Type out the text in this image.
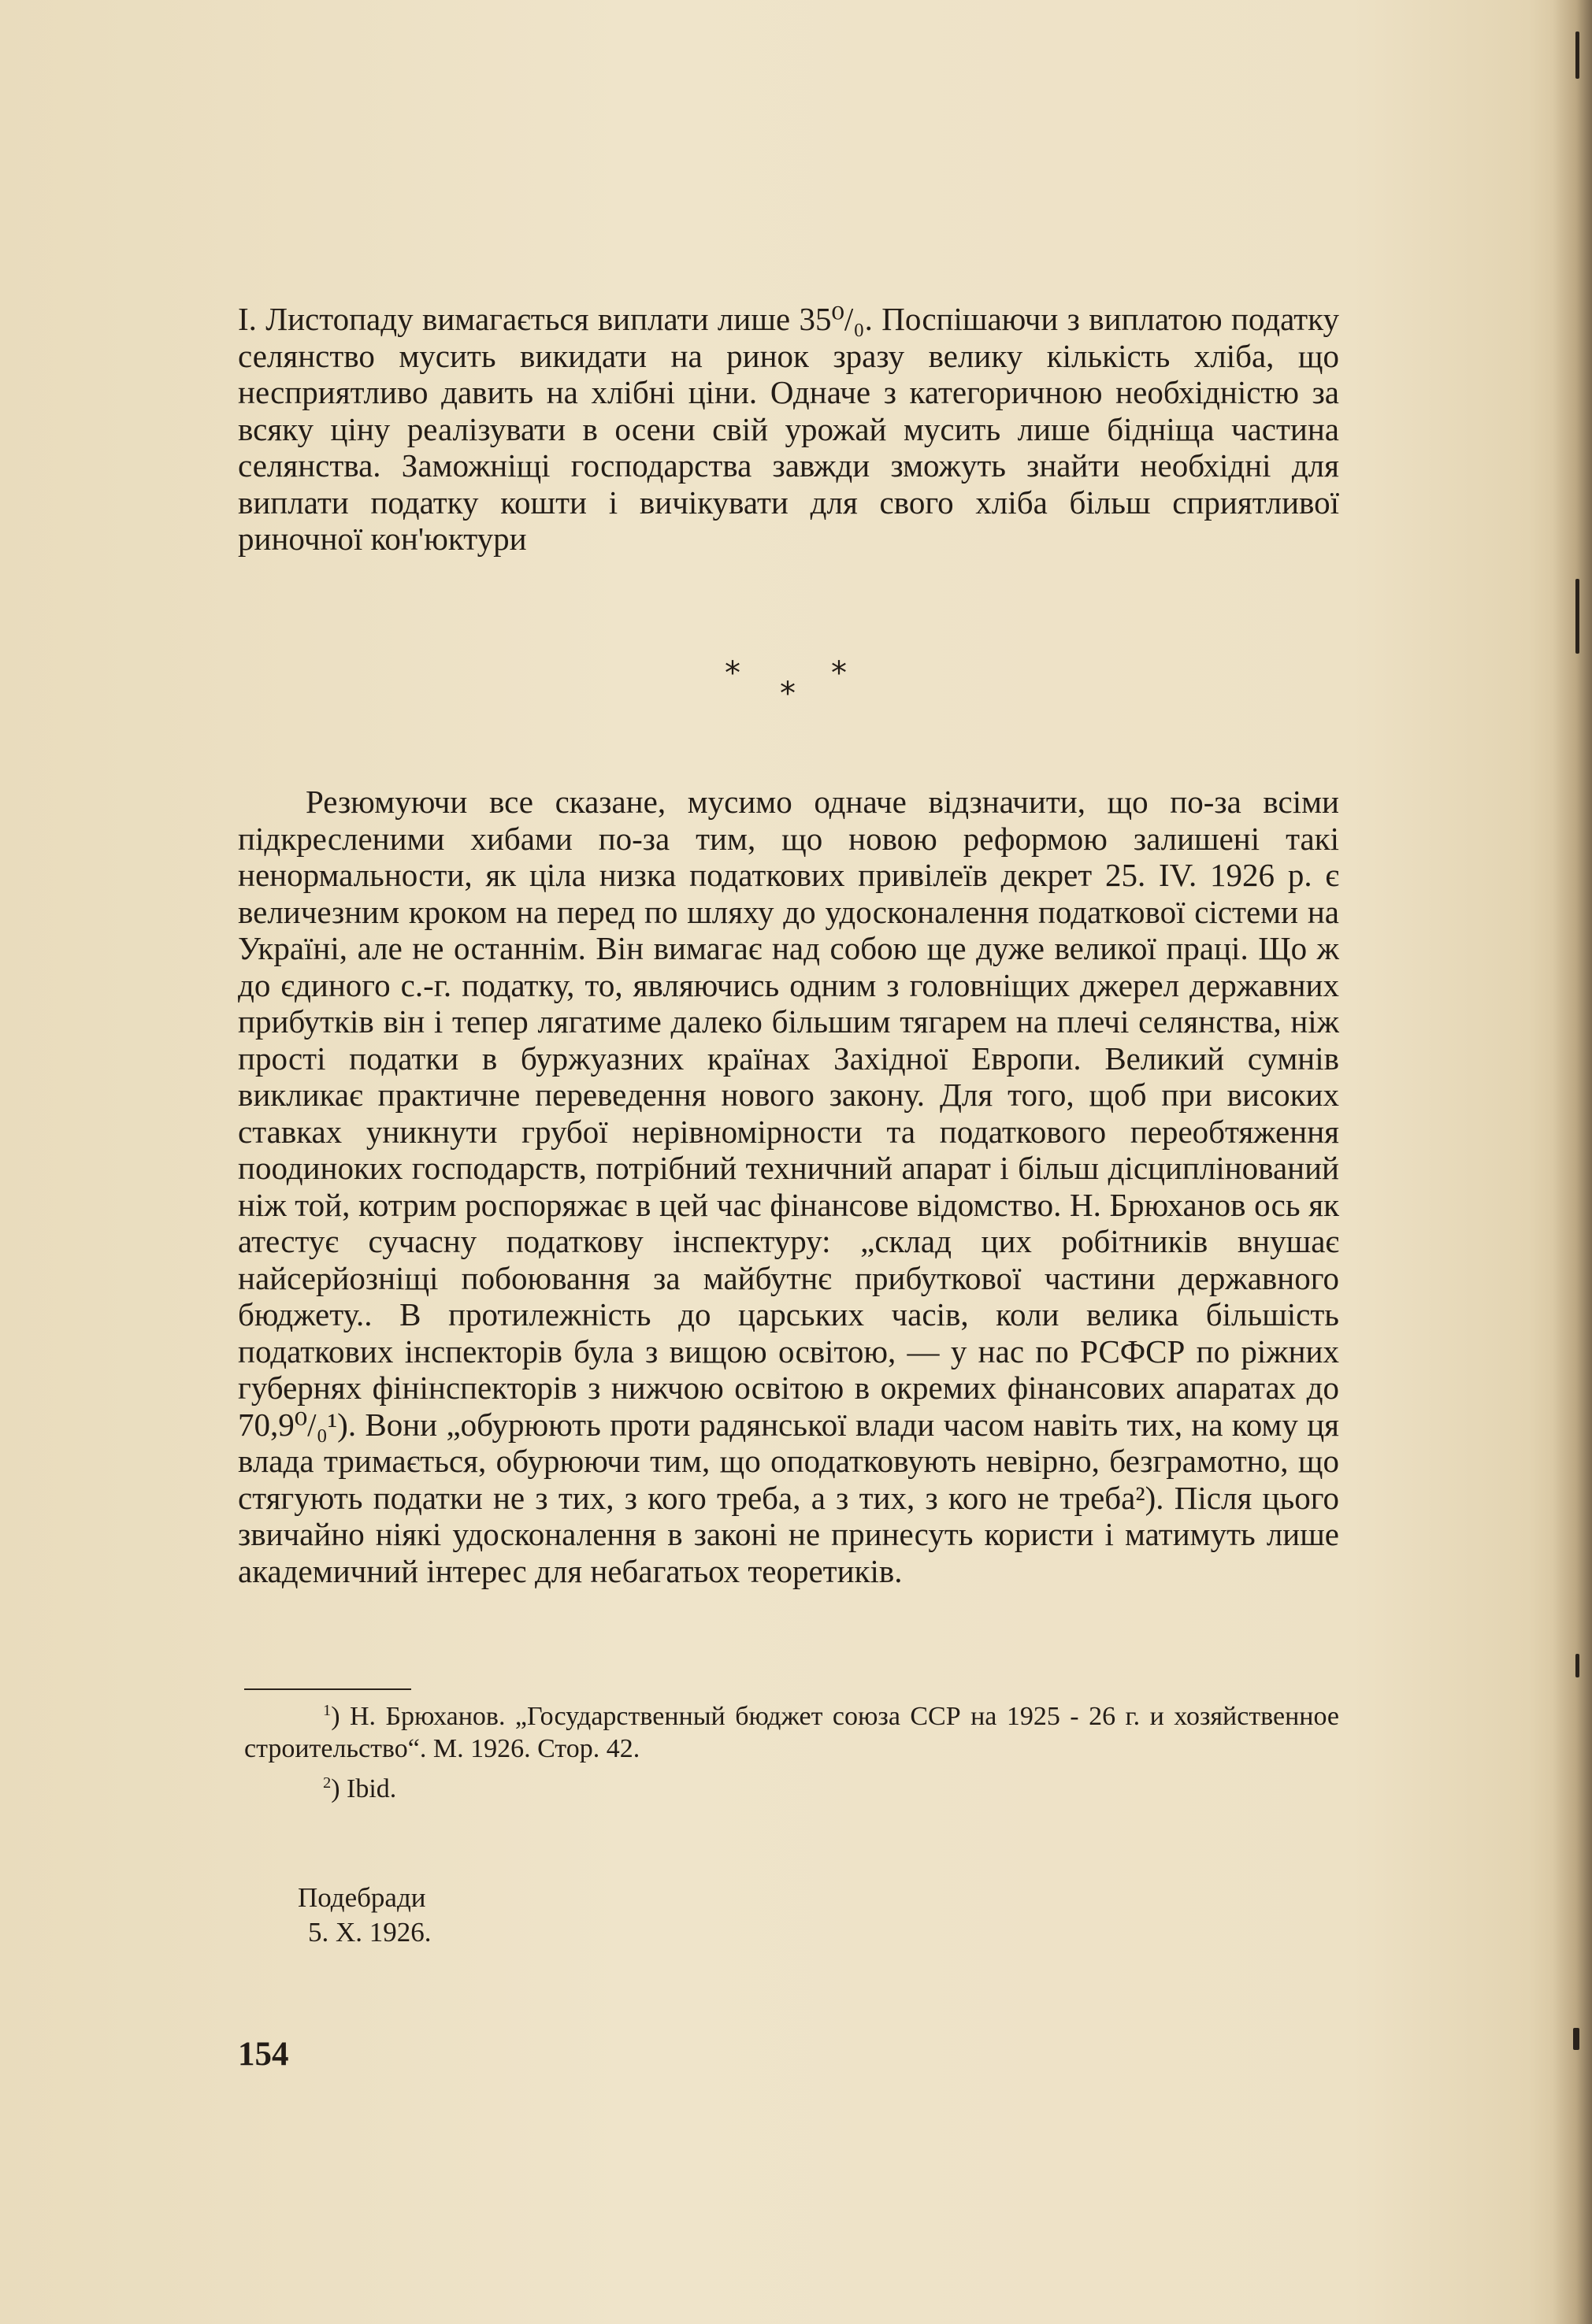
I. Листопаду вимагається виплати лише 35⁰/₀. Поспішаючи з виплатою податку селянство мусить викидати на ринок зразу велику кількість хліба, що несприятливо давить на хлібні ціни. Одначе з категоричною необхідністю за всяку ціну реалізувати в осени свій урожай мусить лише бідніща частина селянства. Заможніщі господарства завжди зможуть знайти необхідні для виплати податку кошти і вичікувати для свого хліба більш сприятливої риночної кон'юктури

*
*
*

Резюмуючи все сказане, мусимо одначе відзначити, що по-за всіми підкресленими хибами по-за тим, що новою реформою залишені такі ненормальности, як ціла низка податкових привілеїв декрет 25. IV. 1926 р. є величезним кроком на перед по шляху до удосконалення податкової сістеми на Україні, але не останнім. Він вимагає над собою ще дуже великої праці. Що ж до єдиного с.-г. податку, то, являючись одним з головніщих джерел державних прибутків він і тепер лягатиме далеко більшим тягарем на плечі селянства, ніж прості податки в буржуазних країнах Західної Европи. Великий сумнів викликає практичне переведення нового закону. Для того, щоб при високих ставках уникнути грубої нерівномірности та податкового переобтяження поодиноких господарств, потрібний техничний апарат і більш дісциплінований ніж той, котрим роспоряжає в цей час фінансове відомство. Н. Брюханов ось як атестує сучасну податкову інспектуру: „склад цих робітників внушає найсерйозніщі побоювання за майбутнє прибуткової частини державного бюджету.. В протилежність до царських часів, коли велика більшість податкових інспекторів була з вищою освітою, — у нас по РСФСР по ріжних губернях фінінспекторів з нижчою освітою в окремих фінансових апаратах до 70,9⁰/₀¹). Вони „обурюють проти радянської влади часом навіть тих, на кому ця влада тримається, обурюючи тим, що оподатковують невірно, безграмотно, що стягують податки не з тих, з кого треба, а з тих, з кого не треба²). Після цього звичайно ніякі удосконалення в законі не принесуть користи і матимуть лише академичний інтерес для небагатьох теоретиків.

$^1$) Н. Брюханов. „Государственный бюджет союза ССР на 1925 - 26 г. и хозяйственное строительство“. М. 1926. Стор. 42.

$^2$) Ibid.

Подебради
5. X. 1926.
154
